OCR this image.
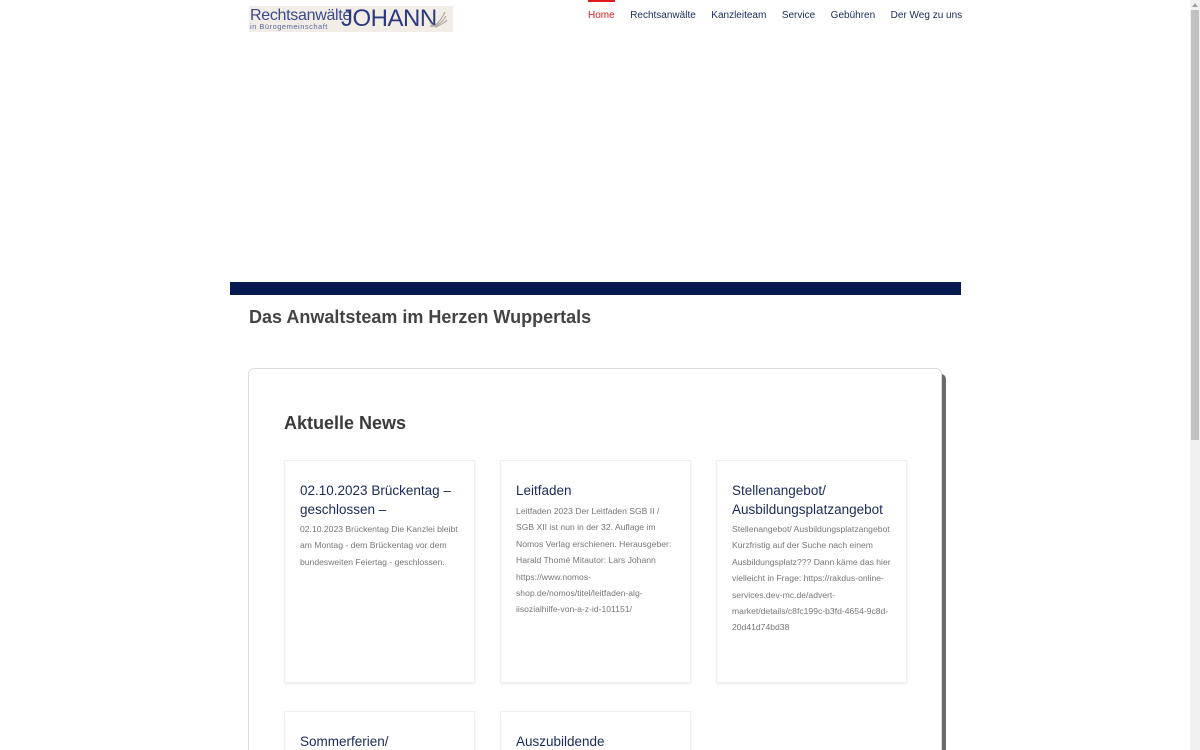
Rechtsanwälte
in Bürogemeinschaft JOHANN	Home Rechtsanwälte Kanzleiteam Service Gebühren Der Weg zu uns
Das Anwaltsteam im Herzen Wuppertals
Aktuelle News
02.10.2023 Brückentag – geschlossen –

02.10.2023 Brückentag Die Kanzlei bleibt am Montag - dem Brückentag vor dem bundesweiten Feiertag - geschlossen.

Leitfaden

Leitfaden 2023 Der Leitfaden SGB II / SGB XII ist nun in der 32. Auflage im Nomos Verlag erschienen. Herausgeber: Harald Thomé Mitautor: Lars Johann https://www.nomos-shop.de/nomos/titel/leitfaden-alg-iisozialhilfe-von-a-z-id-101151/

Stellenangebot/ Ausbildungsplatzangebot

Stellenangebot/ Ausbildungsplatzangebot Kurzfristig auf der Suche nach einem Ausbildungsplatz??? Dann käme das hier vielleicht in Frage: https://rakdus-online-services.dev-mc.de/advert-market/details/c8fc199c-b3fd-4654-9c8d-20d41d74bd38

Sommerferien/	Auszubildende
